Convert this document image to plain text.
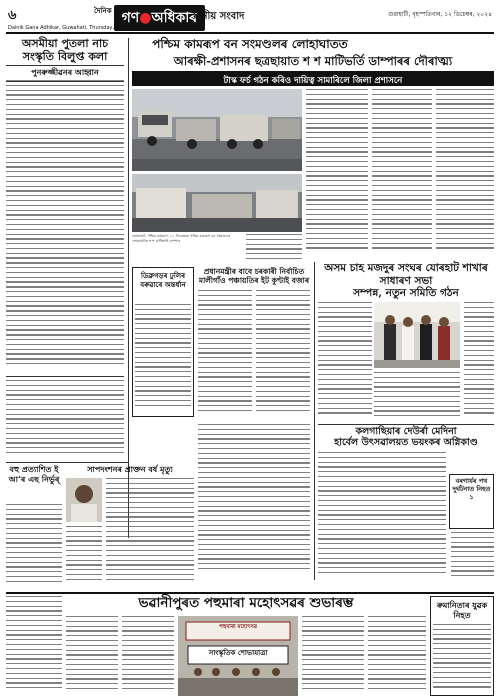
৬	দৈনিক গণ●অধিকাৰ
স্থানীয় সংবাদ	গুৱাহাটী, বৃহস্পতিবাৰ, ১২ ডিচেম্বৰ, ২০২৪
Dainik Gana Adhikar, Guwahati, Thursday, 12 December, 2024
অসমীয়া পুতলা নাচ সংস্কৃতি বিলুপ্ত কলা
পুনৰুজ্জীৱনৰ আহ্বান
পশ্চিম কামৰূপ বন সংমণ্ডলৰ লোহাঘাতত
আৰক্ষী-প্ৰশাসনৰ ছত্ৰছায়াত শ শ মাটিভৰ্তি ডাম্পাৰৰ দৌৰাত্ম্য
টাস্ক ফৰ্চ গঠন কৰিও দায়িত্ব সামাৰিলে জিলা প্ৰশাসনে
লোহাঘাট, পশ্চিম কামৰূপ, ১১ ডিচেম্বৰঃ পশ্চিম কামৰূপ বন সংমণ্ডলৰ লোহাঘাটত শ শ মাটিভৰ্তি ডাম্পাৰ
ডিব্ৰুগড়ৰ ঢুলিৰ বৰুৱাৰে অন্তৰ্ধান
প্ৰধানমন্ত্ৰীৰ বাবে চৰকাৰী নিৰ্বাচিত মালীগাঁও পঞ্চায়তিৰ ইট কুণ্টাই বজাৰ
অসম চাহ মজদুৰ সংঘৰ যোৰহাট শাখাৰ সাধাৰণ সভা
সম্পন্ন, নতুন সমিতি গঠন
কলগাছিয়াৰ দেউৰ্ৰা মেদিনা
হাৰ্বেল উৎসৱালয়ত ভয়ংকৰ অগ্নিকাণ্ড
বৰগাৰ্যৰ পথ দুৰ্ঘটনাত নিহত ১
বহু প্ৰত্যাশিত ই আ’ৰ এছ নিৰ্ভুৰ্
সাপদংশনৰ প্ৰাক্তন বৰ্ষ মৃত্যু
ভৱানীপুৰত পহুমাৰা মহোৎসৱৰ শুভাৰম্ভ
পহুমাৰা মহোৎসৱ
সাংস্কৃতিক শোভাযাত্ৰা
ৰুমানিতাৰ যুৱক নিহত
